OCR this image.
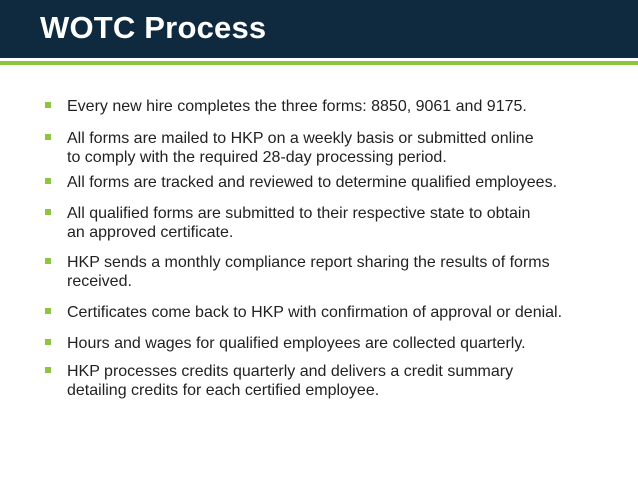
WOTC Process
Every new hire completes the three forms: 8850, 9061 and 9175.
All forms are mailed to HKP on a weekly basis or submitted online
to comply with the required 28-day processing period.
All forms are tracked and reviewed to determine qualified employees.
All qualified forms are submitted to their respective state to obtain
an approved certificate.
HKP sends a monthly compliance report sharing the results of forms
received.
Certificates come back to HKP with confirmation of approval or denial.
Hours and wages for qualified employees are collected quarterly.
HKP processes credits quarterly and delivers a credit summary
detailing credits for each certified employee.
